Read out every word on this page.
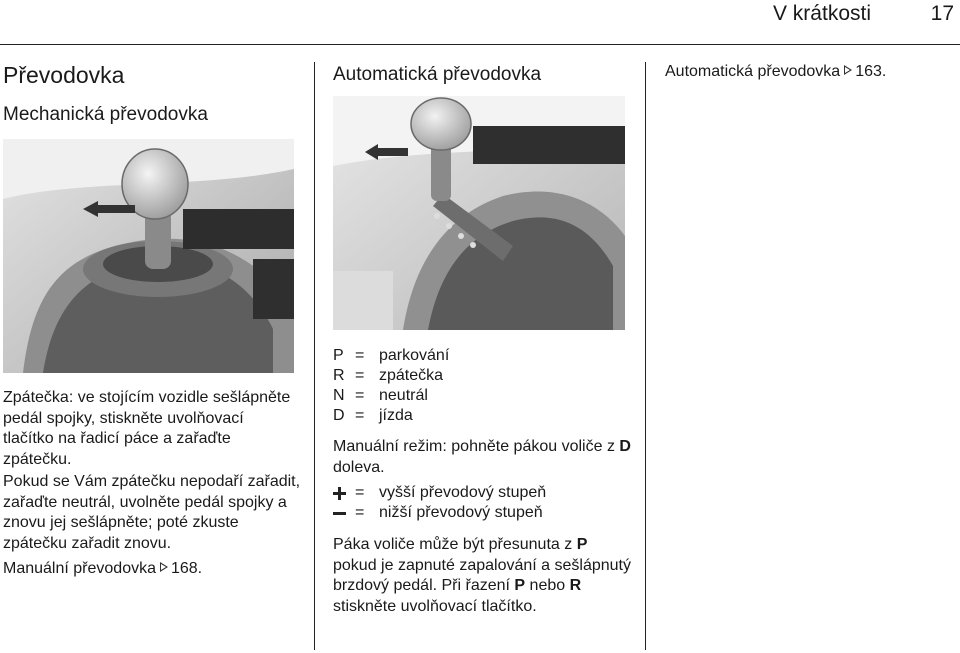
V krátkosti	17
Převodovka
Mechanická převodovka
Zpátečka: ve stojícím vozidle sešlápněte pedál spojky, stiskněte uvolňovací tlačítko na řadicí páce a zařaďte zpátečku.
Pokud se Vám zpátečku nepodaří zařadit, zařaďte neutrál, uvolněte pedál spojky a znovu jej sešlápněte; poté zkuste zpátečku zařadit znovu.
Manuální převodovka 168.
Automatická převodovka
P = parkování
R = zpátečka
N = neutrál
D = jízda
Manuální režim: pohněte pákou voliče z D doleva.
= vyšší převodový stupeň
= nižší převodový stupeň
Páka voliče může být přesunuta z P pokud je zapnuté zapalování a sešlápnutý brzdový pedál. Při řazení P nebo R stiskněte uvolňovací tlačítko.
Automatická převodovka 163.
